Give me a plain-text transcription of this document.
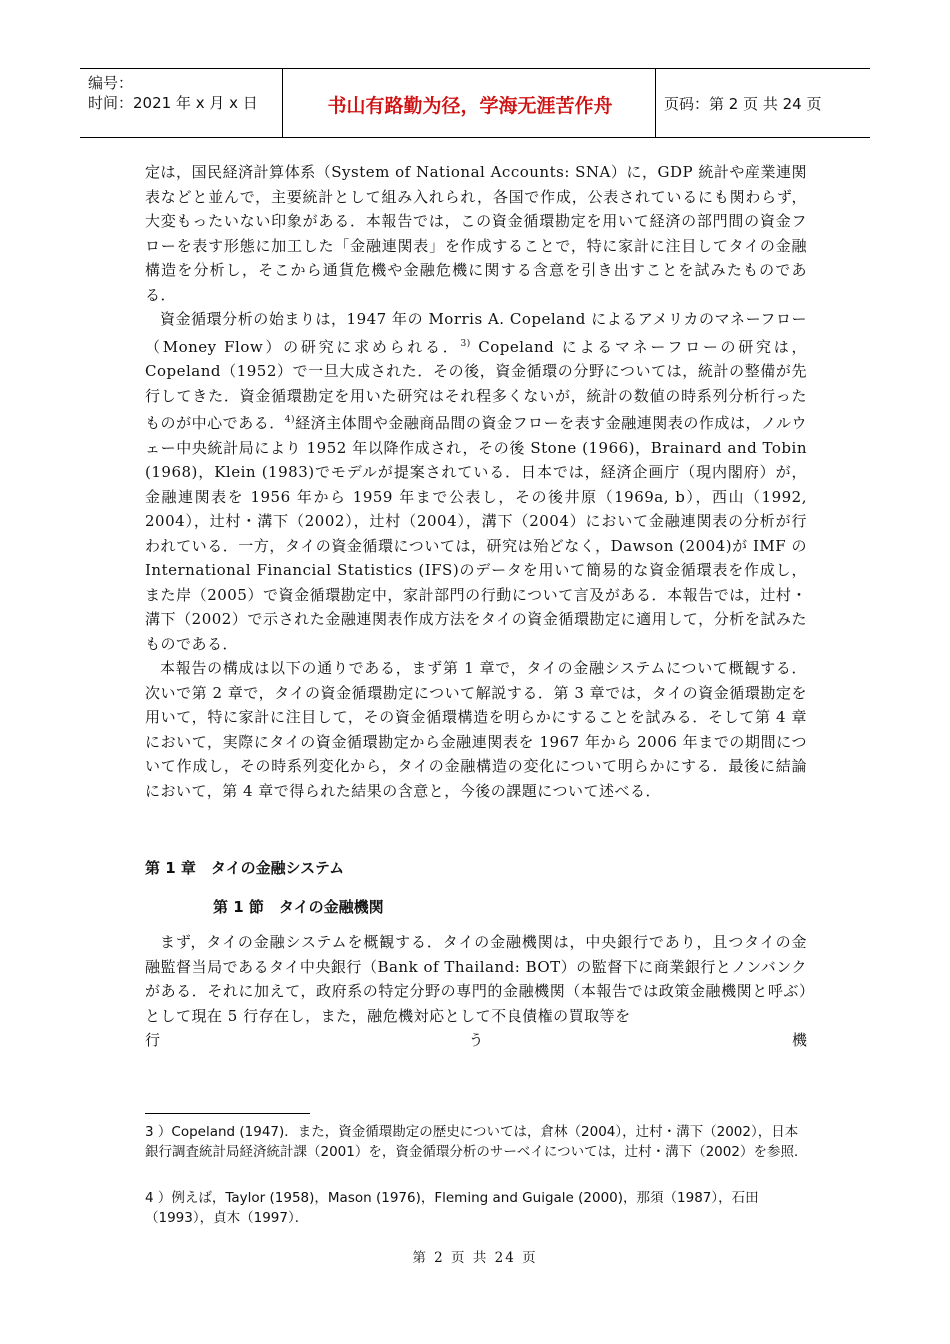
编号：
时间：2021 年 x 月 x 日	书山有路勤为径，学海无涯苦作舟	页码：第 2 页 共 24 页

定は，国民経済計算体系（System of National Accounts: SNA）に，GDP 統計や産業連関表などと並んで，主要統計として組み入れられ，各国で作成，公表されているにも関わらず，大変もったいない印象がある．本報告では，この資金循環勘定を用いて経済の部門間の資金フローを表す形態に加工した「金融連関表」を作成することで，特に家計に注目してタイの金融構造を分析し，そこから通貨危機や金融危機に関する含意を引き出すことを試みたものである．

資金循環分析の始まりは，1947 年の Morris A. Copeland によるアメリカのマネーフロー（Money Flow）の研究に求められる．$^{3)}$ Copeland によるマネーフローの研究は，Copeland（1952）で一旦大成された．その後，資金循環の分野については，統計の整備が先行してきた．資金循環勘定を用いた研究はそれ程多くないが，統計の数値の時系列分析行ったものが中心である．$^{4)}$経済主体間や金融商品間の資金フローを表す金融連関表の作成は，ノルウェー中央統計局により 1952 年以降作成され，その後 Stone (1966)，Brainard and Tobin (1968)，Klein (1983)でモデルが提案されている．日本では，経済企画庁（現内閣府）が，金融連関表を 1956 年から 1959 年まで公表し，その後井原（1969a, b），西山（1992, 2004），辻村・溝下（2002），辻村（2004），溝下（2004）において金融連関表の分析が行われている．一方，タイの資金循環については，研究は殆どなく，Dawson (2004)が IMF の International Financial Statistics (IFS)のデータを用いて簡易的な資金循環表を作成し，また岸（2005）で資金循環勘定中，家計部門の行動について言及がある．本報告では，辻村・溝下（2002）で示された金融連関表作成方法をタイの資金循環勘定に適用して，分析を試みたものである．

本報告の構成は以下の通りである，まず第 1 章で，タイの金融システムについて概観する．次いで第 2 章で，タイの資金循環勘定について解説する．第 3 章では，タイの資金循環勘定を用いて，特に家計に注目して，その資金循環構造を明らかにすることを試みる．そして第 4 章において，実際にタイの資金循環勘定から金融連関表を 1967 年から 2006 年までの期間について作成し，その時系列変化から，タイの金融構造の変化について明らかにする．最後に結論において，第 4 章で得られた結果の含意と，今後の課題について述べる．

第 1 章　タイの金融システム
第 1 節　タイの金融機関

まず，タイの金融システムを概観する．タイの金融機関は，中央銀行であり，且つタイの金融監督当局であるタイ中央銀行（Bank of Thailand: BOT）の監督下に商業銀行とノンバンクがある．それに加えて，政府系の特定分野の専門的金融機関（本報告では政策金融機関と呼ぶ）として現在 5 行存在し，また，融危機対応として不良債権の買取等を

行	う	機
3 ）Copeland (1947)．また，資金循環勘定の歴史については，倉林（2004），辻村・溝下（2002），日本銀行調査統計局経済統計課（2001）を，資金循環分析のサーベイについては，辻村・溝下（2002）を参照．
4 ）例えば，Taylor (1958)，Mason (1976)，Fleming and Guigale (2000)，那須（1987），石田（1993），貞木（1997）．
第 2 页 共 24 页
